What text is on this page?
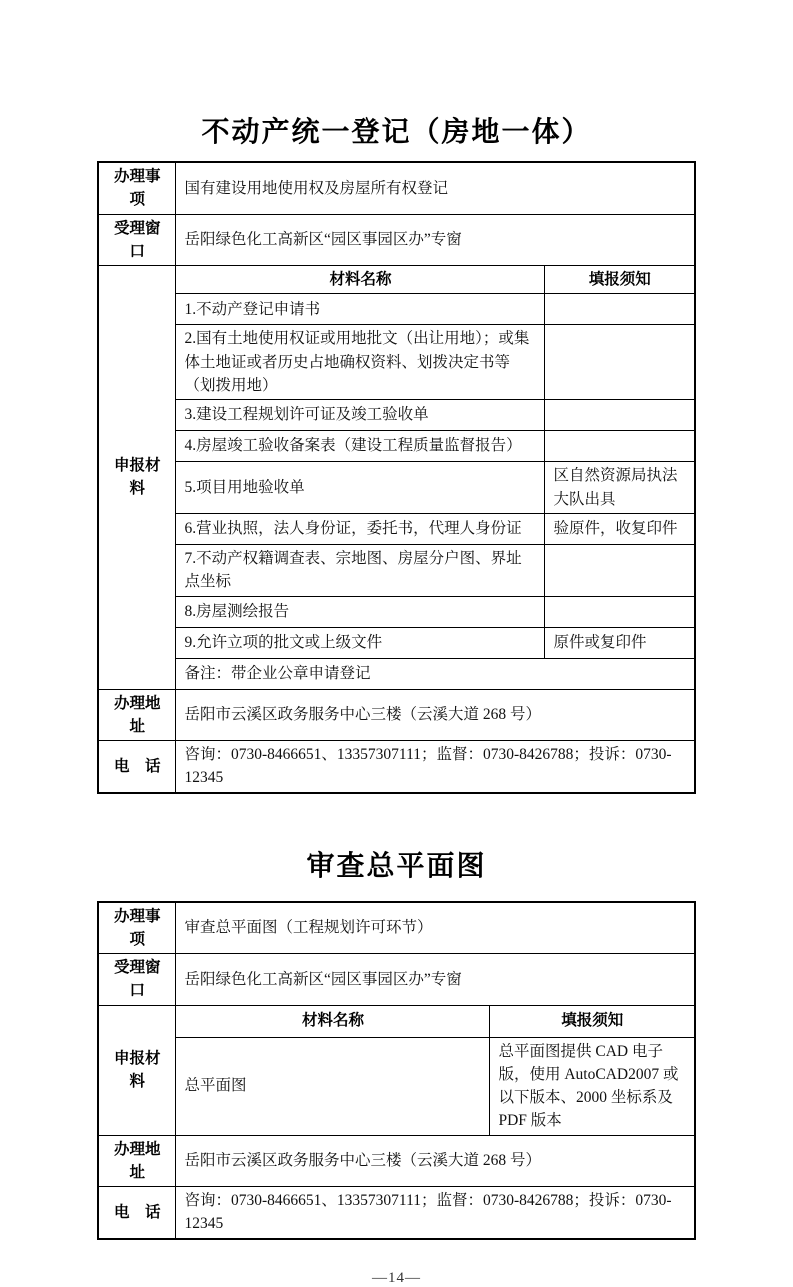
不动产统一登记（房地一体）
办理事项	国有建设用地使用权及房屋所有权登记	
受理窗口	岳阳绿色化工高新区“园区事园区办”专窗	
申报材料	材料名称	填报须知
	1.不动产登记申请书	
	2.国有土地使用权证或用地批文（出让用地）；或集体土地证或者历史占地确权资料、划拨决定书等（划拨用地）	
	3.建设工程规划许可证及竣工验收单	
	4.房屋竣工验收备案表（建设工程质量监督报告）	
	5.项目用地验收单	区自然资源局执法大队出具
	6.营业执照，法人身份证，委托书，代理人身份证	验原件，收复印件
	7.不动产权籍调查表、宗地图、房屋分户图、界址点坐标	
	8.房屋测绘报告	
	9.允许立项的批文或上级文件	原件或复印件
	备注：带企业公章申请登记	
办理地址	岳阳市云溪区政务服务中心三楼（云溪大道 268 号）	
电 话	咨询：0730-8466651、13357307111；监督：0730-8426788；投诉：0730-12345	
审查总平面图
办理事项	审查总平面图（工程规划许可环节）	
受理窗口	岳阳绿色化工高新区“园区事园区办”专窗	
申报材料	材料名称	填报须知
	总平面图	总平面图提供 CAD 电子版，使用 AutoCAD2007 或以下版本、2000 坐标系及 PDF 版本
办理地址	岳阳市云溪区政务服务中心三楼（云溪大道 268 号）	
电 话	咨询：0730-8466651、13357307111；监督：0730-8426788；投诉：0730-12345	
—14—
